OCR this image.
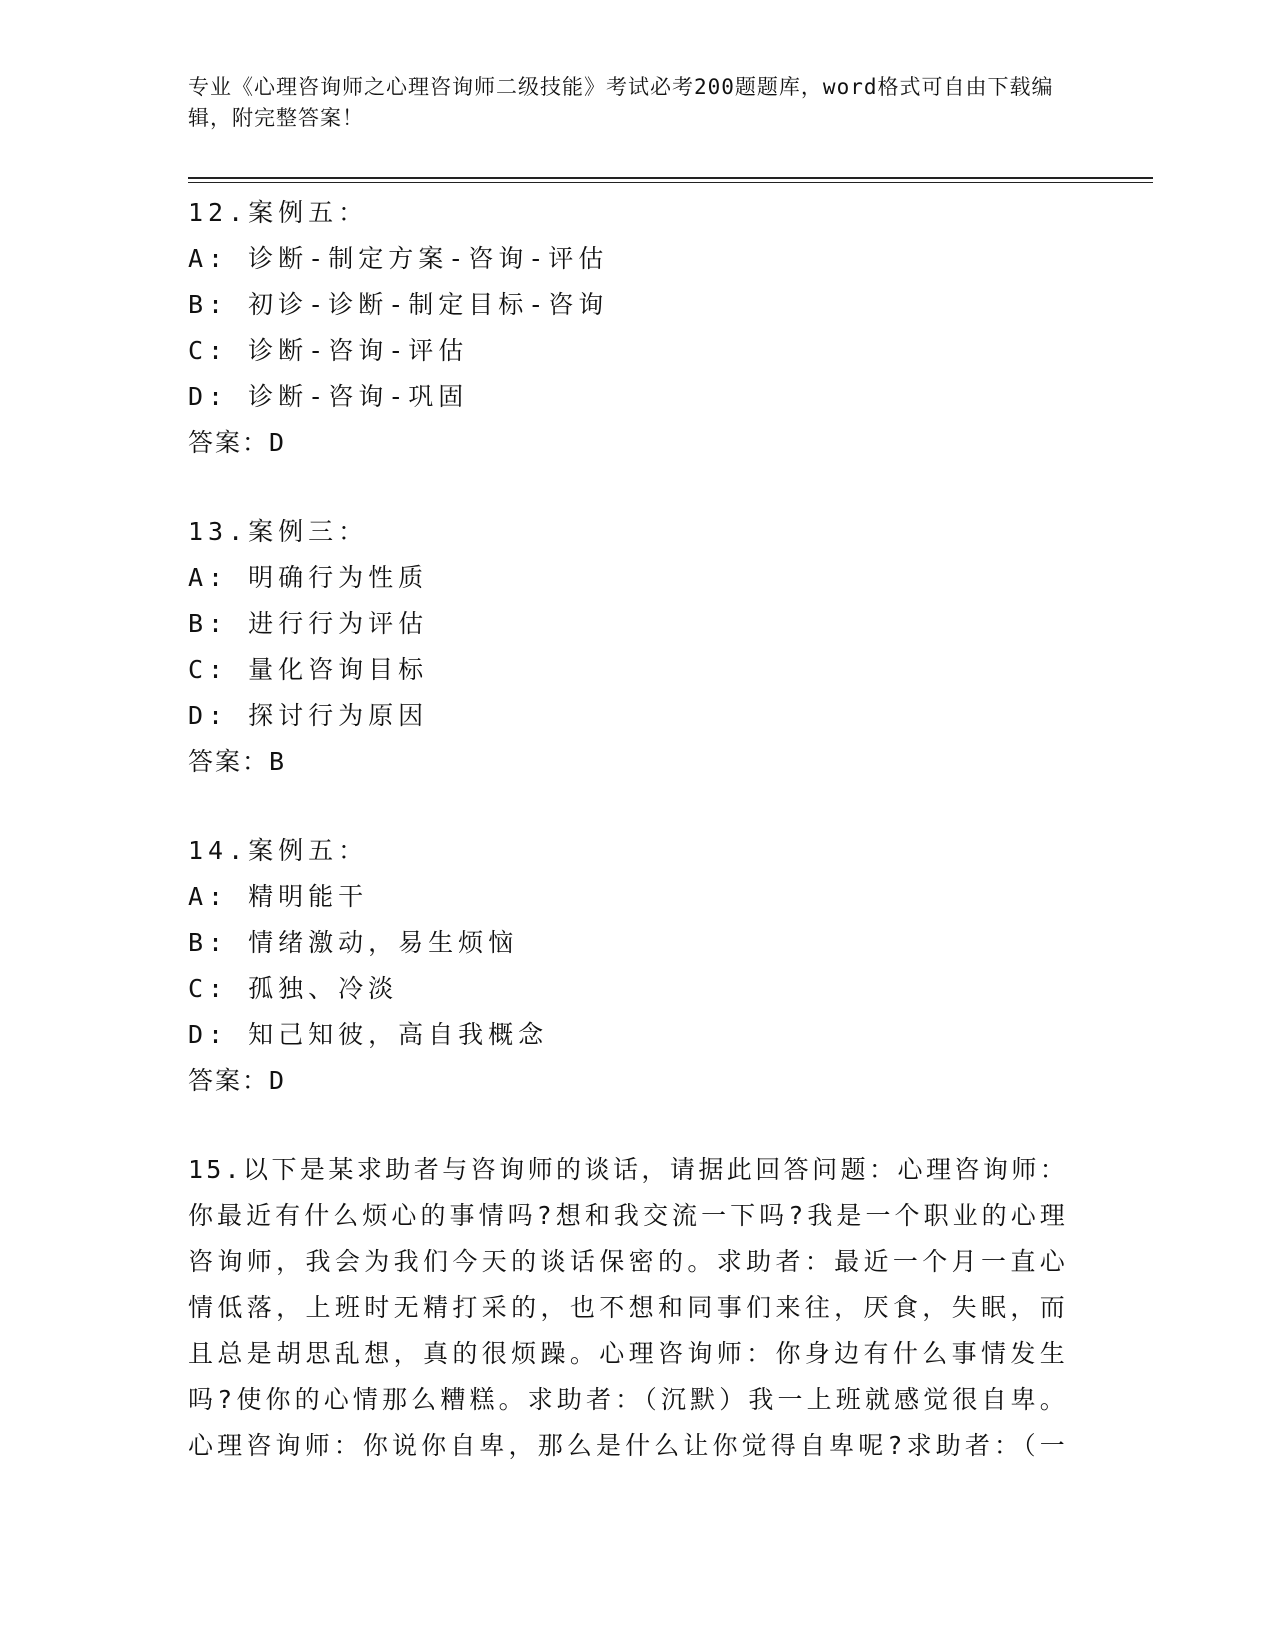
专业《心理咨询师之心理咨询师二级技能》考试必考200题题库，word格式可自由下载编辑，附完整答案！
12.案例五：
A: 诊断-制定方案-咨询-评估
B: 初诊-诊断-制定目标-咨询
C: 诊断-咨询-评估
D: 诊断-咨询-巩固
答案：D
13.案例三：
A: 明确行为性质
B: 进行行为评估
C: 量化咨询目标
D: 探讨行为原因
答案：B
14.案例五：
A: 精明能干
B: 情绪激动，易生烦恼
C: 孤独、冷淡
D: 知己知彼，高自我概念
答案：D
15.以下是某求助者与咨询师的谈话，请据此回答问题：心理咨询师：
你最近有什么烦心的事情吗?想和我交流一下吗?我是一个职业的心理
咨询师，我会为我们今天的谈话保密的。求助者：最近一个月一直心
情低落，上班时无精打采的，也不想和同事们来往，厌食，失眠，而
且总是胡思乱想，真的很烦躁。心理咨询师：你身边有什么事情发生
吗?使你的心情那么糟糕。求助者：（沉默）我一上班就感觉很自卑。
心理咨询师：你说你自卑，那么是什么让你觉得自卑呢?求助者：（一
